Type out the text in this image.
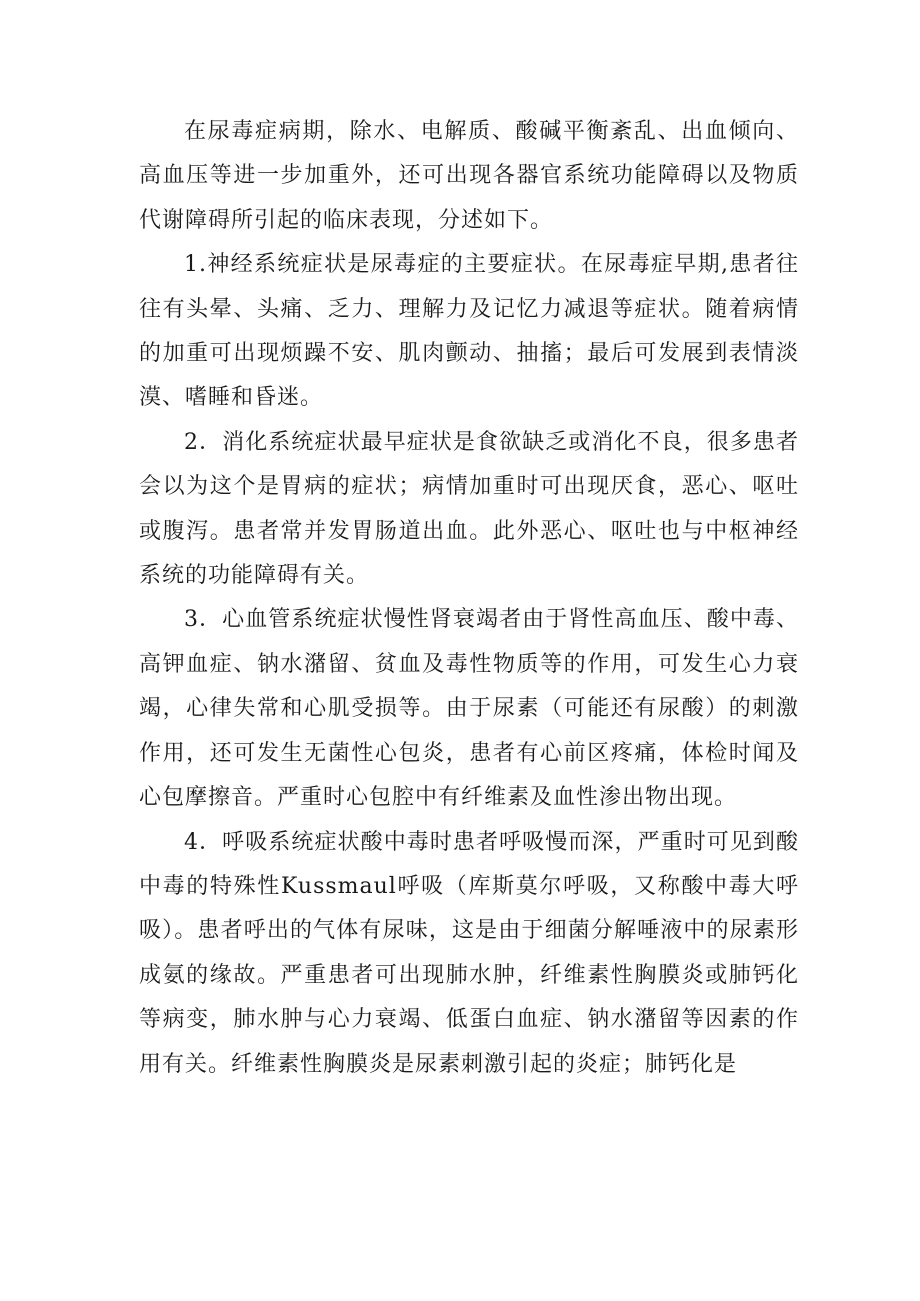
在尿毒症病期，除水、电解质、酸碱平衡紊乱、出血倾向、高血压等进一步加重外，还可出现各器官系统功能障碍以及物质代谢障碍所引起的临床表现，分述如下。

1.神经系统症状是尿毒症的主要症状。在尿毒症早期,患者往往有头晕、头痛、乏力、理解力及记忆力减退等症状。随着病情的加重可出现烦躁不安、肌肉颤动、抽搐；最后可发展到表情淡漠、嗜睡和昏迷。

2．消化系统症状最早症状是食欲缺乏或消化不良，很多患者会以为这个是胃病的症状；病情加重时可出现厌食，恶心、呕吐或腹泻。患者常并发胃肠道出血。此外恶心、呕吐也与中枢神经系统的功能障碍有关。

3．心血管系统症状慢性肾衰竭者由于肾性高血压、酸中毒、高钾血症、钠水潴留、贫血及毒性物质等的作用，可发生心力衰竭，心律失常和心肌受损等。由于尿素（可能还有尿酸）的刺激作用，还可发生无菌性心包炎，患者有心前区疼痛，体检时闻及心包摩擦音。严重时心包腔中有纤维素及血性渗出物出现。

4．呼吸系统症状酸中毒时患者呼吸慢而深，严重时可见到酸中毒的特殊性Kussmaul呼吸（库斯莫尔呼吸，又称酸中毒大呼吸）。患者呼出的气体有尿味，这是由于细菌分解唾液中的尿素形成氨的缘故。严重患者可出现肺水肿，纤维素性胸膜炎或肺钙化等病变，肺水肿与心力衰竭、低蛋白血症、钠水潴留等因素的作用有关。纤维素性胸膜炎是尿素刺激引起的炎症；肺钙化是
